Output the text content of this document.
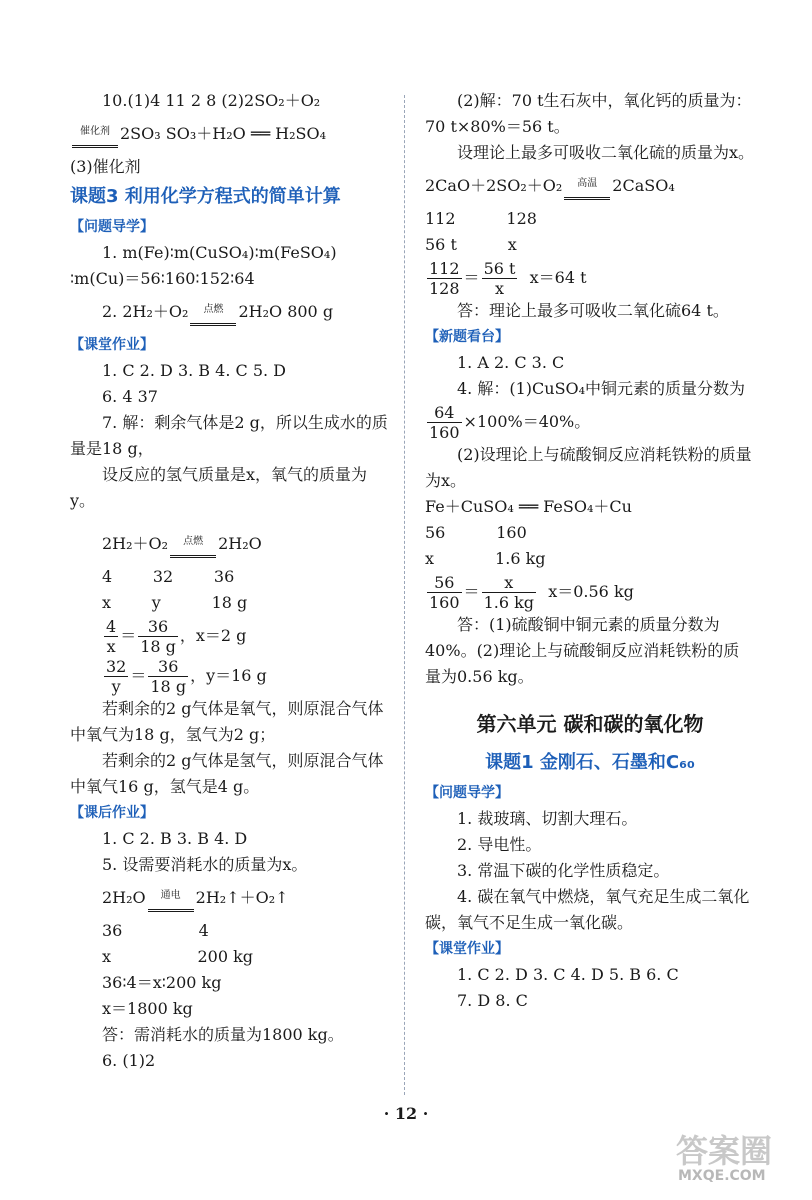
10.(1)4 11 2 8 (2)2SO₂＋O₂
催化剂 2SO₃ SO₃＋H₂O ══ H₂SO₄
(3)催化剂
课题3 利用化学方程式的简单计算
【问题导学】
1. m(Fe)∶m(CuSO₄)∶m(FeSO₄)
∶m(Cu)＝56∶160∶152∶64
2. 2H₂＋O₂	点燃 2H₂O 800 g
【课堂作业】
1. C 2. D 3. B 4. C 5. D
6. 4 37
7. 解：剩余气体是2 g，所以生成水的质量是18 g，
设反应的氢气质量是x，氧气的质量为y。
2H₂＋O₂	点燃 2H₂O
4        32        36
x        y          18 g
$\frac{4}{x} = \frac{36}{18 g}$ ，x＝2 g
$\frac{32}{y} = \frac{36}{18 g}$ ，y＝16 g
若剩余的2 g气体是氧气，则原混合气体中氧气为18 g，氢气为2 g；
若剩余的2 g气体是氢气，则原混合气体中氧气16 g，氢气是4 g。
【课后作业】
1. C 2. B 3. B 4. D
5. 设需要消耗水的质量为x。
2H₂O	通电 2H₂↑＋O₂↑
36               4
x                 200 kg
36∶4＝x∶200 kg
x＝1800 kg
答：需消耗水的质量为1800 kg。
6. (1)2
(2)解：70 t生石灰中，氧化钙的质量为：70 t×80%＝56 t。
设理论上最多可吸收二氧化硫的质量为x。
2CaO＋2SO₂＋O₂	高温 2CaSO₄
112          128
56 t          x
$\frac{112}{128} = \frac{56 t}{x} x=64$ t
答：理论上最多可吸收二氧化硫64 t。
【新题看台】
1. A 2. C 3. C
4. 解：(1)CuSO₄中铜元素的质量分数为
$\frac{64}{160} \times 100\%=40\%$。
(2)设理论上与硫酸铜反应消耗铁粉的质量为x。
Fe＋CuSO₄ ══ FeSO₄＋Cu
56          160
x            1.6 kg
$\frac{56}{160} = \frac{x}{1.6 kg} x=0.56$ kg
答：(1)硫酸铜中铜元素的质量分数为40%。(2)理论上与硫酸铜反应消耗铁粉的质量为0.56 kg。
第六单元 碳和碳的氧化物
课题1 金刚石、石墨和C₆₀
【问题导学】
1. 裁玻璃、切割大理石。
2. 导电性。
3. 常温下碳的化学性质稳定。
4. 碳在氧气中燃烧，氧气充足生成二氧化碳，氧气不足生成一氧化碳。
【课堂作业】
1. C 2. D 3. C 4. D 5. B 6. C
7. D 8. C
· 12 ·
答案圈
MXQE.COM
